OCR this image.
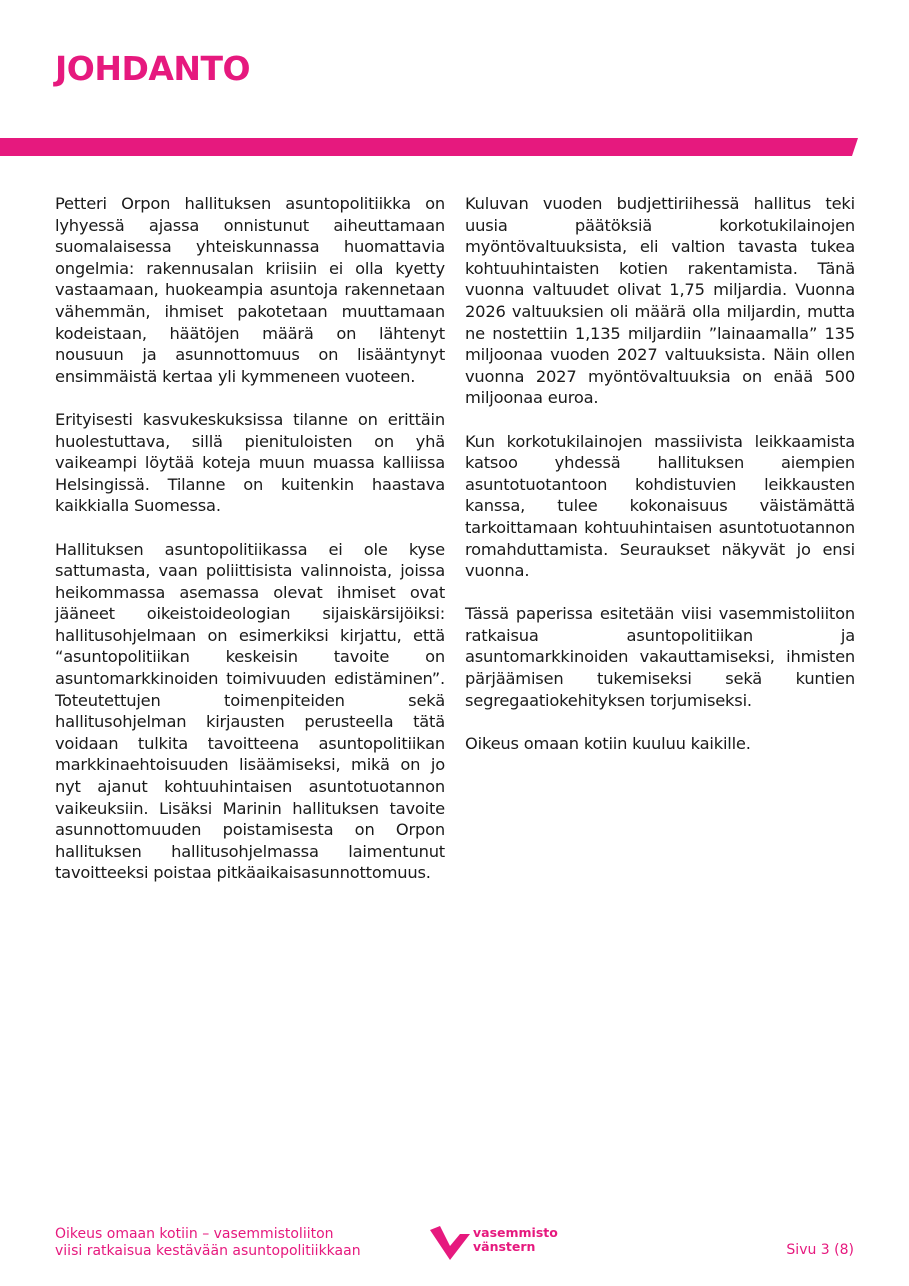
JOHDANTO

Petteri Orpon hallituksen asuntopolitiikka on lyhyessä ajassa onnistunut aiheuttamaan suomalaisessa yhteiskunnassa huomattavia ongelmia: rakennusalan kriisiin ei olla kyetty vastaamaan, huokeampia asuntoja rakennetaan vähemmän, ihmiset pakotetaan muuttamaan kodeistaan, häätöjen määrä on lähtenyt nousuun ja asunnottomuus on lisääntynyt ensimmäistä kertaa yli kymmeneen vuoteen.

Erityisesti kasvukeskuksissa tilanne on erittäin huolestuttava, sillä pienituloisten on yhä vaikeampi löytää koteja muun muassa kalliissa Helsingissä. Tilanne on kuitenkin haastava kaikkialla Suomessa.

Hallituksen asuntopolitiikassa ei ole kyse sattumasta, vaan poliittisista valinnoista, joissa heikommassa asemassa olevat ihmiset ovat jääneet oikeistoideologian sijaiskärsijöiksi: hallitusohjelmaan on esimerkiksi kirjattu, että “asuntopolitiikan keskeisin tavoite on asuntomarkkinoiden toimivuuden edistäminen”. Toteutettujen toimenpiteiden sekä hallitusohjelman kirjausten perusteella tätä voidaan tulkita tavoitteena asuntopolitiikan markkinaehtoisuuden lisäämiseksi, mikä on jo nyt ajanut kohtuuhintaisen asuntotuotannon vaikeuksiin. Lisäksi Marinin hallituksen tavoite asunnottomuuden poistamisesta on Orpon hallituksen hallitusohjelmassa laimentunut tavoitteeksi poistaa pitkäaikaisasunnottomuus.

Kuluvan vuoden budjettiriihessä hallitus teki uusia päätöksiä korkotukilainojen myöntövaltuuksista, eli valtion tavasta tukea kohtuuhintaisten kotien rakentamista. Tänä vuonna valtuudet olivat 1,75 miljardia. Vuonna 2026 valtuuksien oli määrä olla miljardin, mutta ne nostettiin 1,135 miljardiin ”lainaamalla” 135 miljoonaa vuoden 2027 valtuuksista. Näin ollen vuonna 2027 myöntövaltuuksia on enää 500 miljoonaa euroa.

Kun korkotukilainojen massiivista leikkaamista katsoo yhdessä hallituksen aiempien asuntotuotantoon kohdistuvien leikkausten kanssa, tulee kokonaisuus väistämättä tarkoittamaan kohtuuhintaisen asuntotuotannon romahduttamista. Seuraukset näkyvät jo ensi vuonna.

Tässä paperissa esitetään viisi vasemmistoliiton ratkaisua asuntopolitiikan ja asuntomarkkinoiden vakauttamiseksi, ihmisten pärjäämisen tukemiseksi sekä kuntien segregaatiokehityksen torjumiseksi.

Oikeus omaan kotiin kuuluu kaikille.

Oikeus omaan kotiin – vasemmistoliiton
viisi ratkaisua kestävään asuntopolitiikkaan
vasemmisto
vänstern	Sivu 3 (8)
